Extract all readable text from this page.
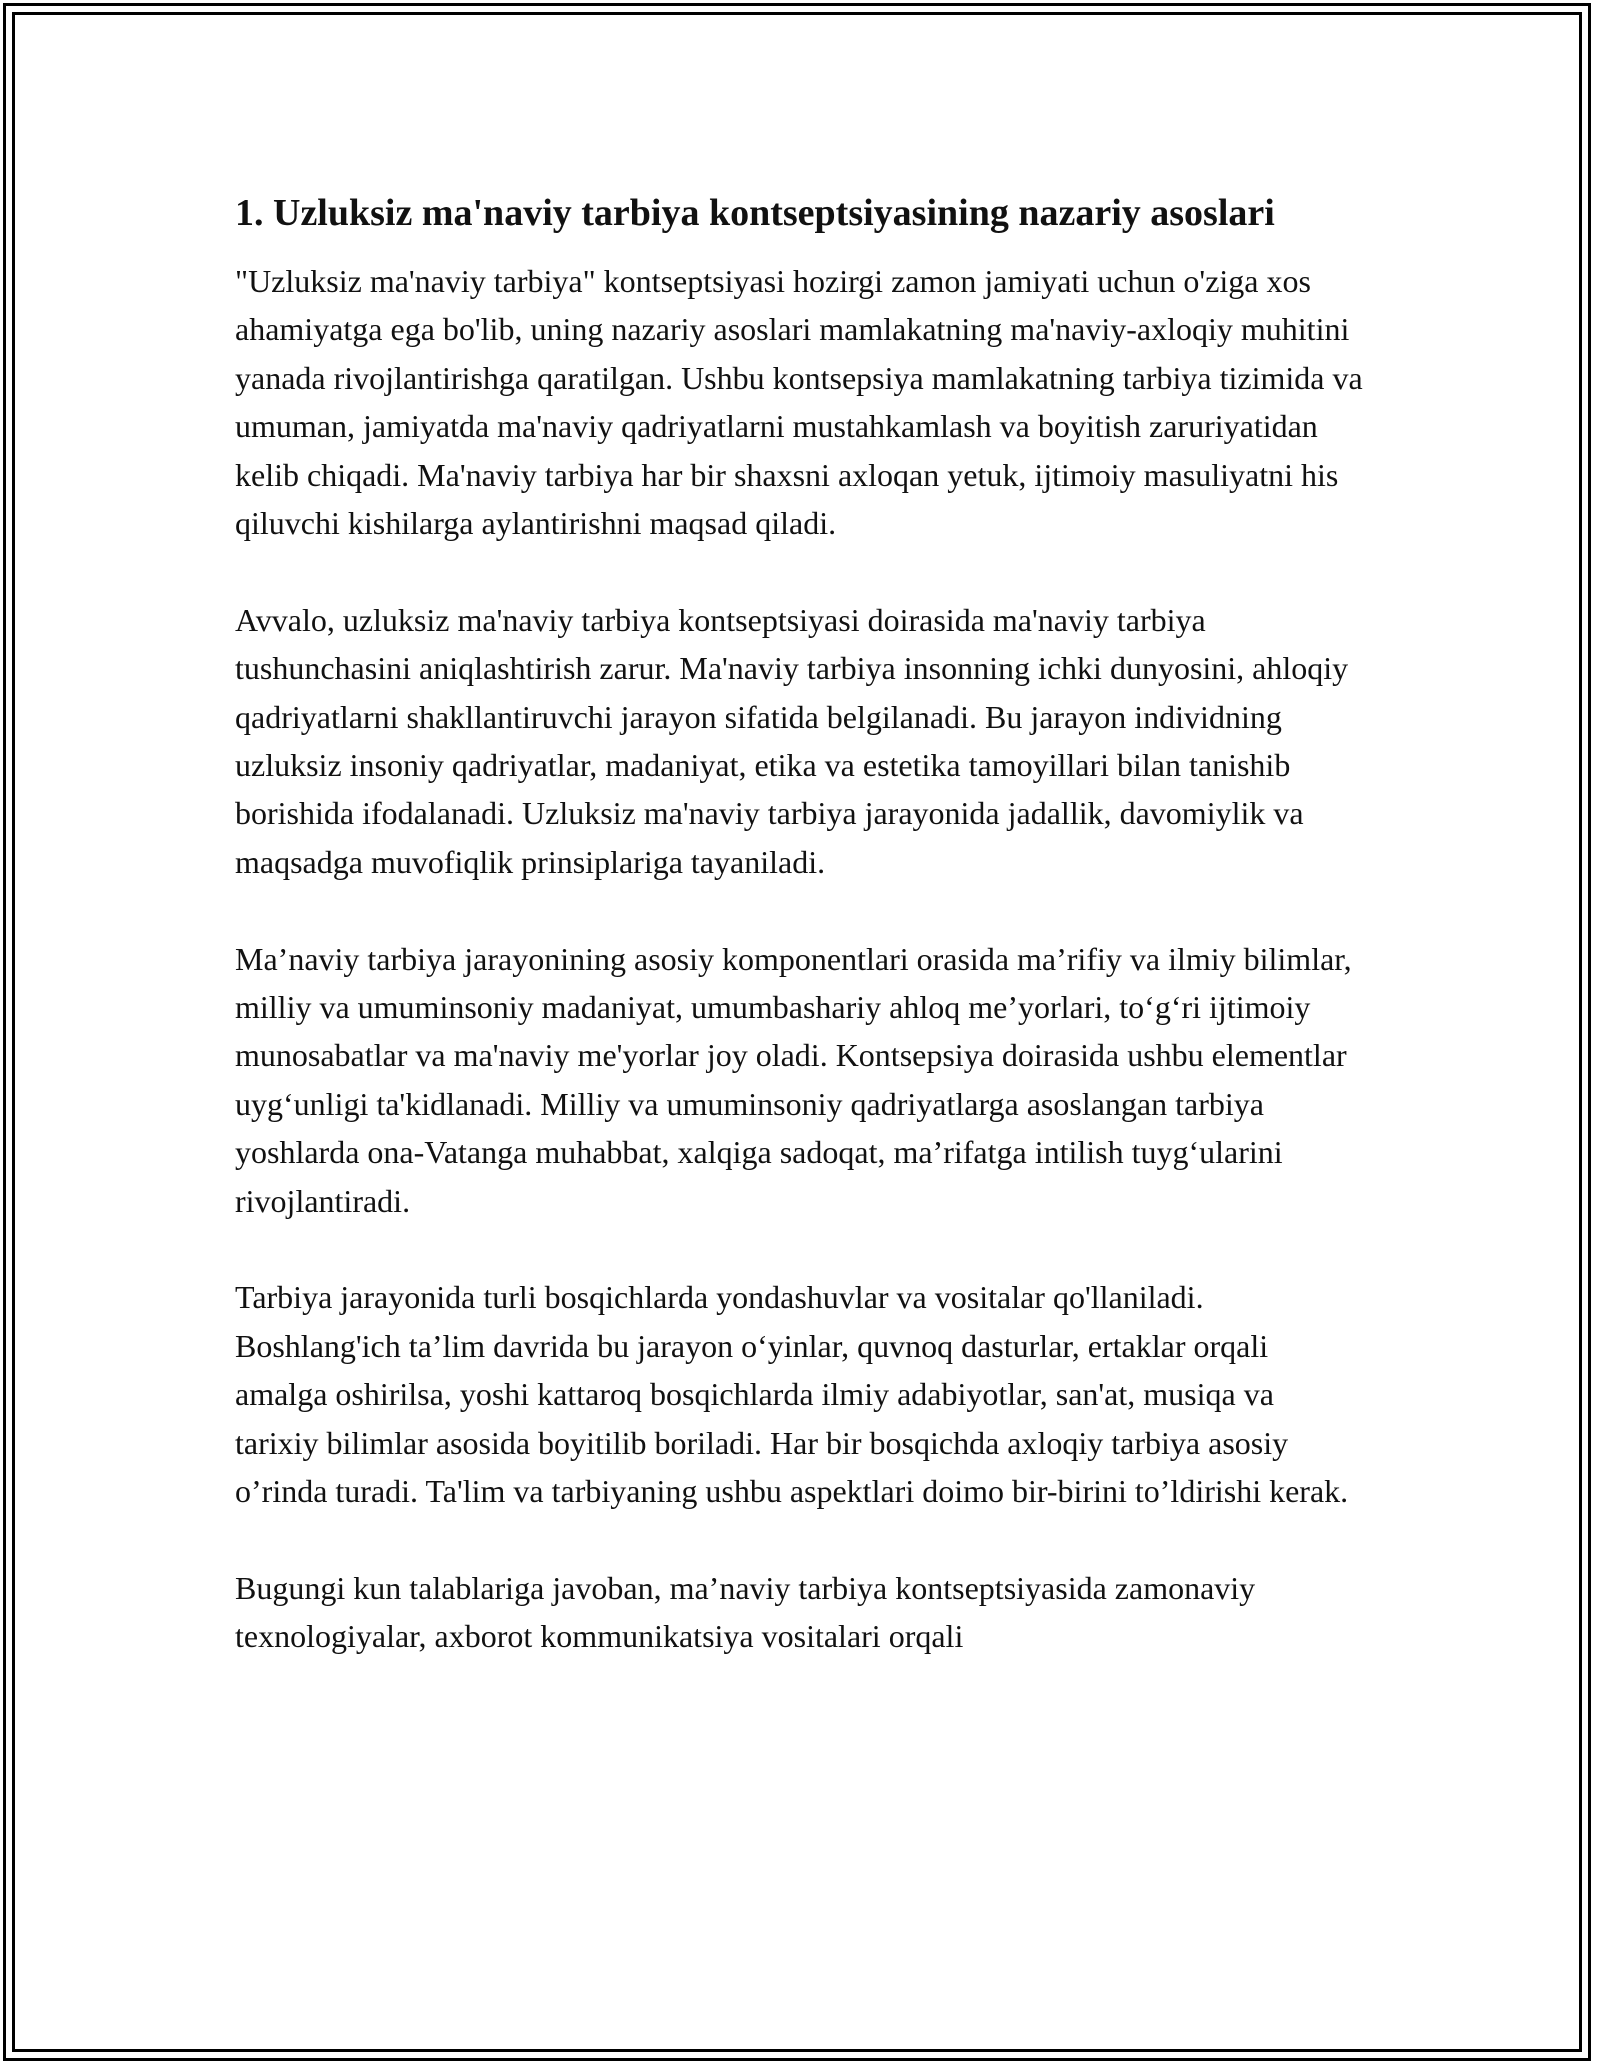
1. Uzluksiz ma'naviy tarbiya kontseptsiyasining nazariy asoslari

"Uzluksiz ma'naviy tarbiya" kontseptsiyasi hozirgi zamon jamiyati uchun o'ziga xos ahamiyatga ega bo'lib, uning nazariy asoslari mamlakatning ma'naviy-axloqiy muhitini yanada rivojlantirishga qaratilgan. Ushbu kontsepsiya mamlakatning tarbiya tizimida va umuman, jamiyatda ma'naviy qadriyatlarni mustahkamlash va boyitish zaruriyatidan kelib chiqadi. Ma'naviy tarbiya har bir shaxsni axloqan yetuk, ijtimoiy masuliyatni his qiluvchi kishilarga aylantirishni maqsad qiladi.

Avvalo, uzluksiz ma'naviy tarbiya kontseptsiyasi doirasida ma'naviy tarbiya tushunchasini aniqlashtirish zarur. Ma'naviy tarbiya insonning ichki dunyosini, ahloqiy qadriyatlarni shakllantiruvchi jarayon sifatida belgilanadi. Bu jarayon individning uzluksiz insoniy qadriyatlar, madaniyat, etika va estetika tamoyillari bilan tanishib borishida ifodalanadi. Uzluksiz ma'naviy tarbiya jarayonida jadallik, davomiylik va maqsadga muvofiqlik prinsiplariga tayaniladi.

Ma’naviy tarbiya jarayonining asosiy komponentlari orasida ma’rifiy va ilmiy bilimlar, milliy va umuminsoniy madaniyat, umumbashariy ahloq me’yorlari, to‘g‘ri ijtimoiy munosabatlar va ma'naviy me'yorlar joy oladi. Kontsepsiya doirasida ushbu elementlar uyg‘unligi ta'kidlanadi. Milliy va umuminsoniy qadriyatlarga asoslangan tarbiya yoshlarda ona-Vatanga muhabbat, xalqiga sadoqat, ma’rifatga intilish tuyg‘ularini rivojlantiradi.

Tarbiya jarayonida turli bosqichlarda yondashuvlar va vositalar qo'llaniladi. Boshlang'ich ta’lim davrida bu jarayon o‘yinlar, quvnoq dasturlar, ertaklar orqali amalga oshirilsa, yoshi kattaroq bosqichlarda ilmiy adabiyotlar, san'at, musiqa va tarixiy bilimlar asosida boyitilib boriladi. Har bir bosqichda axloqiy tarbiya asosiy o’rinda turadi. Ta'lim va tarbiyaning ushbu aspektlari doimo bir-birini to’ldirishi kerak.

Bugungi kun talablariga javoban, ma’naviy tarbiya kontseptsiyasida zamonaviy texnologiyalar, axborot kommunikatsiya vositalari orqali
